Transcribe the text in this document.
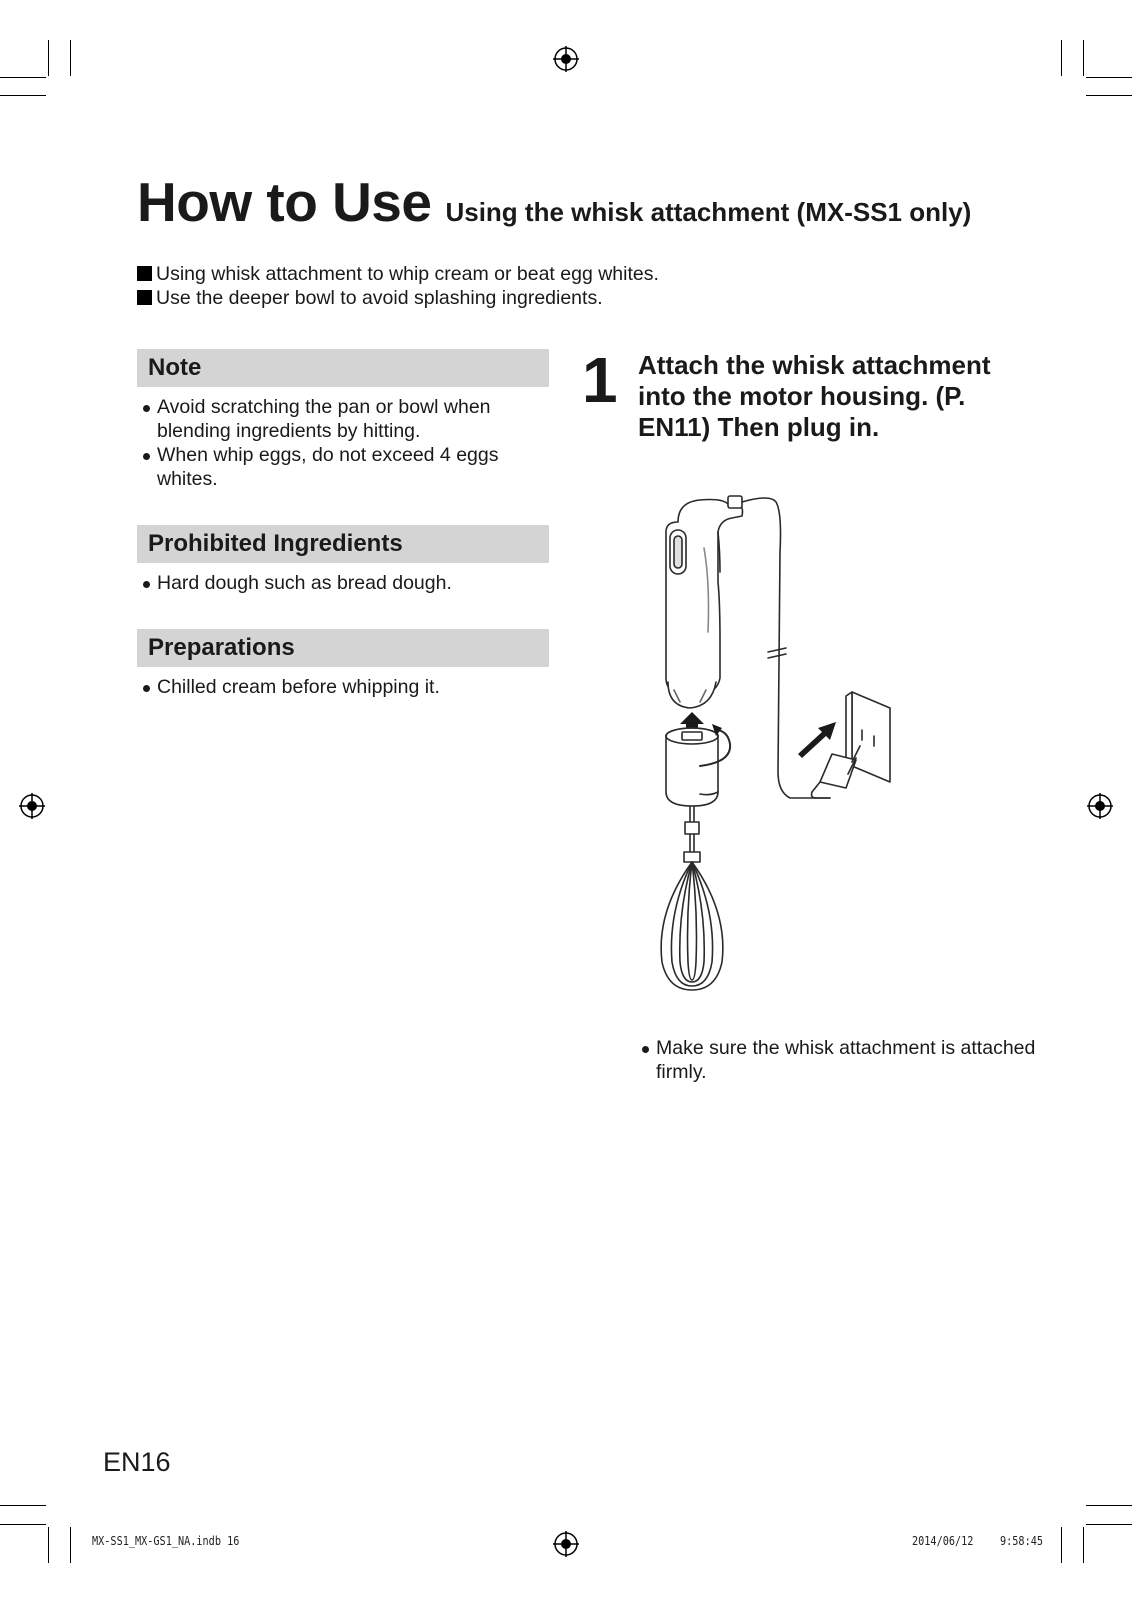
How to Use Using the whisk attachment (MX-SS1 only)
Using whisk attachment to whip cream or beat egg whites.
Use the deeper bowl to avoid splashing ingredients.
Note
Avoid scratching the pan or bowl when blending ingredients by hitting.
When whip eggs, do not exceed 4 eggs whites.
Prohibited Ingredients
Hard dough such as bread dough.
Preparations
Chilled cream before whipping it.
1 Attach the whisk attachment into the motor housing. (P. EN11) Then plug in.
Make sure the whisk attachment is attached firmly.
EN16
MX-SS1_MX-GS1_NA.indb 16	2014/06/12 9:58:45
